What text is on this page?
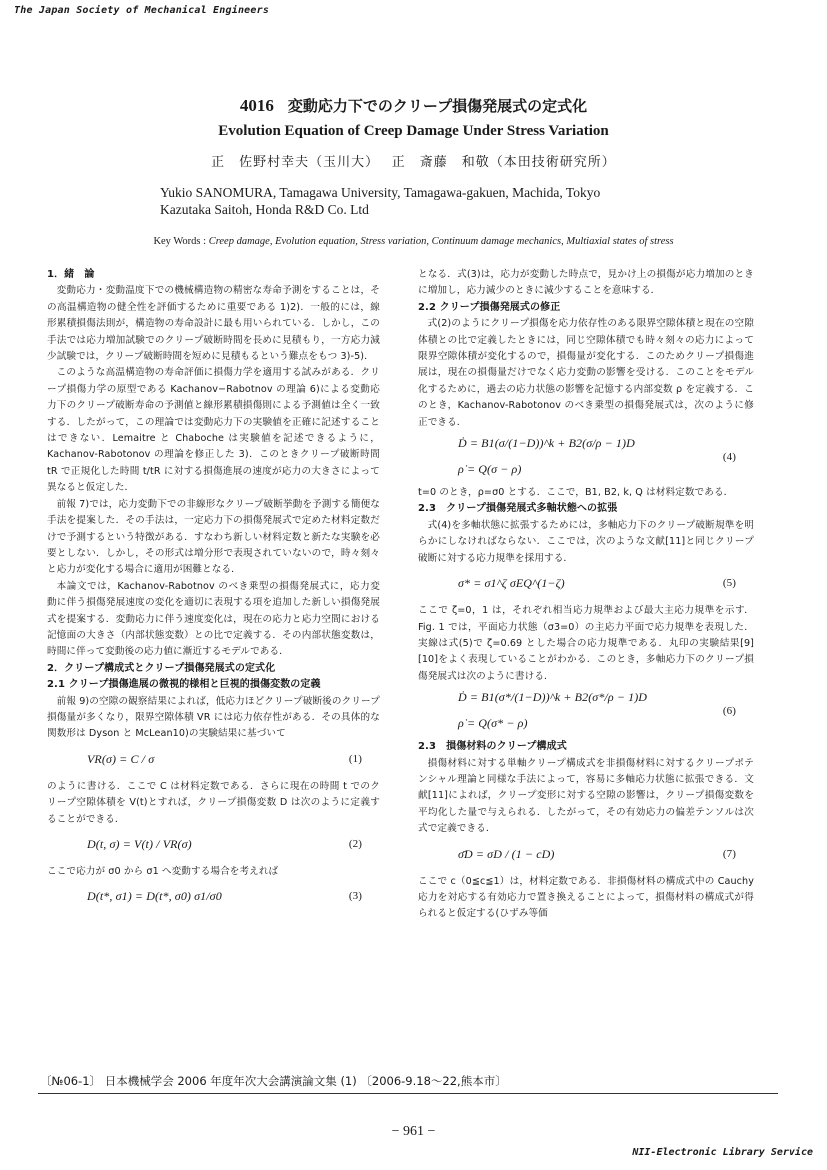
The Japan Society of Mechanical Engineers
4016 変動応力下でのクリープ損傷発展式の定式化
Evolution Equation of Creep Damage Under Stress Variation
正　佐野村幸夫（玉川大）　 正　斎藤　和敬（本田技術研究所）
Yukio SANOMURA, Tamagawa University, Tamagawa-gakuen, Machida, Tokyo
Kazutaka Saitoh, Honda R&D Co. Ltd
Key Words : Creep damage, Evolution equation, Stress variation, Continuum damage mechanics, Multiaxial states of stress
1．緒　論

変動応力・変動温度下での機械構造物の精密な寿命予測をすることは，その高温構造物の健全性を評価するために重要である 1)2)．一般的には，線形累積損傷法則が，構造物の寿命設計に最も用いられている．しかし，この手法では応力増加試験でのクリープ破断時間を長めに見積もり，一方応力減少試験では，クリープ破断時間を短めに見積もるという難点をもつ 3)-5)．

このような高温構造物の寿命評価に損傷力学を適用する試みがある．クリープ損傷力学の原型である Kachanov−Rabotnov の理論 6)による変動応力下のクリープ破断寿命の予測値と線形累積損傷則による予測値は全く一致する．したがって，この理論では変動応力下の実験値を正確に記述することはできない．Lemaitre と Chaboche は実験値を記述できるように，Kachanov-Rabotonov の理論を修正した 3)．このときクリープ破断時間 tR で正規化した時間 t/tR に対する損傷進展の速度が応力の大きさによって異なると仮定した．

前報 7)では，応力変動下での非線形なクリープ破断挙動を予測する簡便な手法を提案した．その手法は，一定応力下の損傷発展式で定めた材料定数だけで予測するという特徴がある．すなわち新しい材料定数と新たな実験を必要としない．しかし，その形式は増分形で表現されていないので，時々刻々と応力が変化する場合に適用が困難となる．

本論文では，Kachanov-Rabotnov のべき乗型の損傷発展式に，応力変動に伴う損傷発展速度の変化を適切に表現する項を追加した新しい損傷発展式を提案する．変動応力に伴う速度変化は，現在の応力と応力空間における記憶面の大きさ（内部状態変数）との比で定義する．その内部状態変数は，時間に伴って変動後の応力値に漸近するモデルである．

2．クリープ構成式とクリープ損傷発展式の定式化
2.1 クリープ損傷進展の微視的様相と巨視的損傷変数の定義

前報 9)の空隙の観察結果によれば，低応力ほどクリープ破断後のクリープ損傷量が多くなり，限界空隙体積 VR には応力依存性がある．その具体的な関数形は Dyson と McLean10)の実験結果に基づいて

VR(σ) = C / σ	(1)

のように書ける．ここで C は材料定数である．さらに現在の時間 t でのクリープ空隙体積を V(t)とすれば，クリープ損傷変数 D は次のように定義することができる．

D(t, σ) = V(t) / VR(σ)	(2)

ここで応力が σ0 から σ1 へ変動する場合を考えれば

D(t*, σ1) = D(t*, σ0) σ1/σ0	(3)

となる．式(3)は，応力が変動した時点で，見かけ上の損傷が応力増加のときに増加し，応力減少のときに減少することを意味する．

2.2 クリープ損傷発展式の修正

式(2)のようにクリープ損傷を応力依存性のある限界空隙体積と現在の空隙体積との比で定義したときには，同じ空隙体積でも時々刻々の応力によって限界空隙体積が変化するので，損傷量が変化する．このためクリープ損傷進展は，現在の損傷量だけでなく応力変動の影響を受ける．このことをモデル化するために，過去の応力状態の影響を記憶する内部変数 ρ を定義する．このとき，Kachanov-Rabotonov のべき乗型の損傷発展式は，次のように修正できる．

Ḋ = B1(σ/(1−D))^k + B2(σ/ρ − 1)D
ρ̇ = Q(σ − ρ)
(4)

t=0 のとき，ρ=σ0 とする．ここで，B1, B2, k, Q は材料定数である．

2.3　クリープ損傷発展式多軸状態への拡張

式(4)を多軸状態に拡張するためには，多軸応力下のクリープ破断規準を明らかにしなければならない．ここでは，次のような文献[11]と同じクリープ破断に対する応力規準を採用する．

σ* = σ1^ζ σEQ^(1−ζ)	(5)

ここで ζ=0，1 は，それぞれ相当応力規準および最大主応力規準を示す．Fig. 1 では，平面応力状態（σ3=0）の主応力平面で応力規準を表現した．実線は式(5)で ζ=0.69 とした場合の応力規準である．丸印の実験結果[9][10]をよく表現していることがわかる．このとき，多軸応力下のクリープ損傷発展式は次のように書ける．

Ḋ = B1(σ*/(1−D))^k + B2(σ*/ρ − 1)D
ρ̇ = Q(σ* − ρ)
(6)
2.3　損傷材料のクリープ構成式

損傷材料に対する単軸クリープ構成式を非損傷材料に対するクリープポテンシャル理論と同様な手法によって，容易に多軸応力状態に拡張できる．文献[11]によれば，クリープ変形に対する空隙の影響は，クリープ損傷変数を平均化した量で与えられる．したがって，その有効応力の偏差テンソルは次式で定義できる．

σ̄D = σD / (1 − cD)	(7)

ここで c（0≦c≦1）は，材料定数である．非損傷材料の構成式中の Cauchy 応力を対応する有効応力で置き換えることによって，損傷材料の構成式が得られると仮定する(ひずみ等価

〔№06-1〕 日本機械学会 2006 年度年次大会講演論文集 (1) 〔2006-9.18〜22,熊本市〕
− 961 −
NII-Electronic Library Service
